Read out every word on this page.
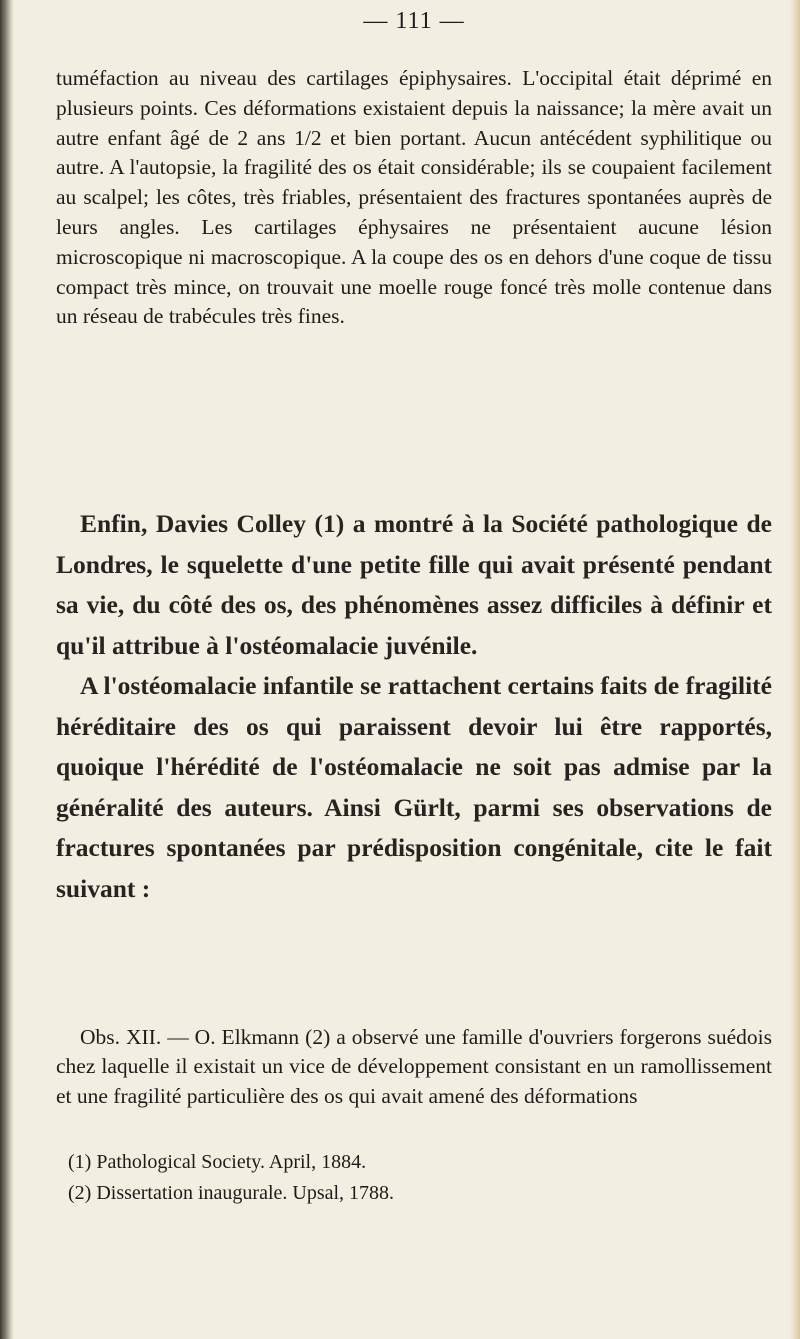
— 111 —

tuméfaction au niveau des cartilages épiphysaires. L'occipital était déprimé en plusieurs points. Ces déformations existaient depuis la naissance; la mère avait un autre enfant âgé de 2 ans 1/2 et bien portant. Aucun antécédent syphilitique ou autre. A l'autopsie, la fragilité des os était considérable; ils se coupaient facilement au scalpel; les côtes, très friables, présentaient des fractures spontanées auprès de leurs angles. Les cartilages éphysaires ne présentaient aucune lésion microscopique ni macroscopique. A la coupe des os en dehors d'une coque de tissu compact très mince, on trouvait une moelle rouge foncé très molle contenue dans un réseau de trabécules très fines.

Enfin, Davies Colley (1) a montré à la Société pathologique de Londres, le squelette d'une petite fille qui avait présenté pendant sa vie, du côté des os, des phénomènes assez difficiles à définir et qu'il attribue à l'ostéomalacie juvénile.
A l'ostéomalacie infantile se rattachent certains faits de fragilité héréditaire des os qui paraissent devoir lui être rapportés, quoique l'hérédité de l'ostéomalacie ne soit pas admise par la généralité des auteurs. Ainsi Gürlt, parmi ses observations de fractures spontanées par prédisposition congénitale, cite le fait suivant :

Obs. XII. — O. Elkmann (2) a observé une famille d'ouvriers forgerons suédois chez laquelle il existait un vice de développement consistant en un ramollissement et une fragilité particulière des os qui avait amené des déformations

(1) Pathological Society. April, 1884.

(2) Dissertation inaugurale. Upsal, 1788.
